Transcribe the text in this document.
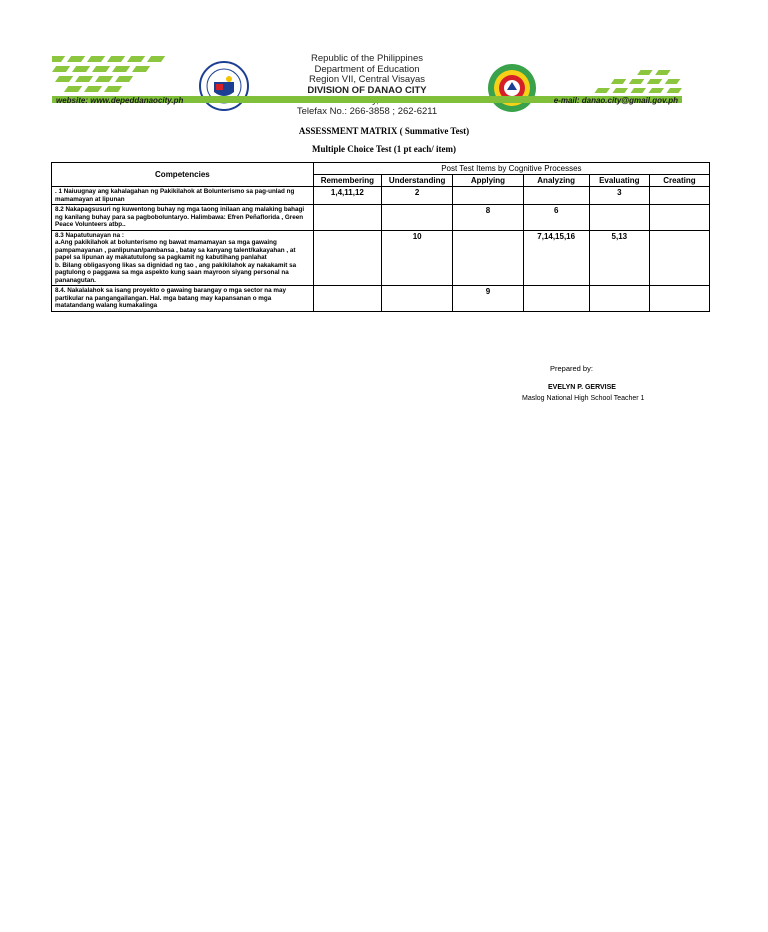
Republic of the Philippines
Department of Education
Region VII, Central Visayas
DIVISION OF DANAO CITY
Telefax No.: 266-3858 ; 262-6211
website: www.depeddanaocity.ph	e-mail: danao.city@gmail.gov.ph
ASSESSMENT MATRIX ( Summative Test)
Multiple Choice Test (1 pt each/ item)
Competencies	Post Test Items by Cognitive Processes					
	Remembering	Understanding	Applying	Analyzing	Evaluating	Creating
. 1 Naiuugnay ang kahalagahan ng Pakikilahok at Bolunterismo sa pag-unlad ng mamamayan at lipunan	1,4,11,12	2			3	
8.2 Nakapagsusuri ng kuwentong buhay ng mga taong inilaan ang malaking bahagi ng kanilang buhay para sa pagboboluntaryo. Halimbawa: Efren Peñaflorida , Green Peace Volunteers atbp..			8	6		
8.3 Napatutunayan na :
a.Ang pakikilahok at bolunterismo ng bawat mamamayan sa mga gawaing pampamayanan , panlipunan/pambansa , batay sa kanyang talent/kakayahan , at papel sa lipunan ay makatutulong sa pagkamit ng kabutihang panlahat
b. Bilang obligasyong likas sa dignidad ng tao , ang pakikilahok ay nakakamit sa pagtulong o paggawa sa mga aspekto kung saan mayroon siyang personal na pananagutan.		10		7,14,15,16	5,13	
8.4. Nakalalahok sa isang proyekto o gawaing barangay o mga sector na may partikular na pangangailangan. Hal. mga batang may kapansanan o mga matatandang walang kumakalinga			9			
Prepared by:
EVELYN P. GERVISE
Maslog National High School Teacher 1
